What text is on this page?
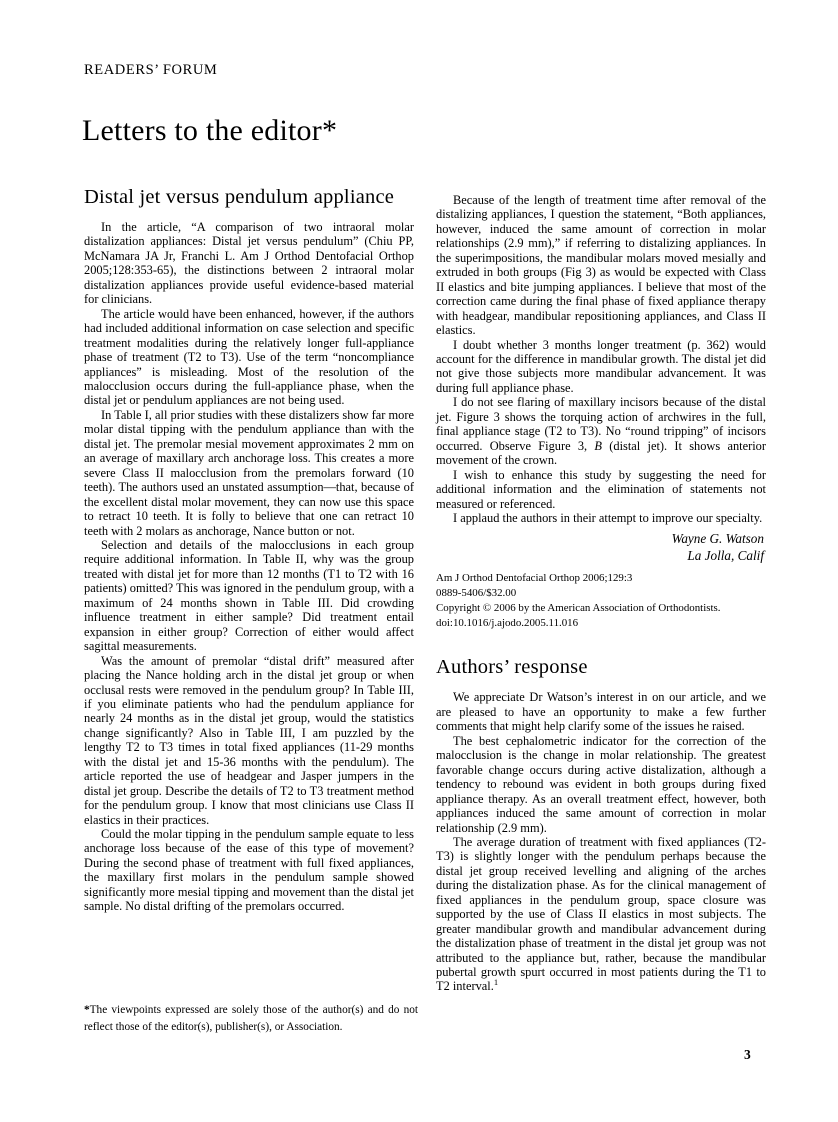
READERS’ FORUM
Letters to the editor*
Distal jet versus pendulum appliance

In the article, “A comparison of two intraoral molar distalization appliances: Distal jet versus pendulum” (Chiu PP, McNamara JA Jr, Franchi L. Am J Orthod Dentofacial Orthop 2005;128:353-65), the distinctions between 2 intraoral molar distalization appliances provide useful evidence-based material for clinicians.

The article would have been enhanced, however, if the authors had included additional information on case selection and specific treatment modalities during the relatively longer full-appliance phase of treatment (T2 to T3). Use of the term “noncompliance appliances” is misleading. Most of the resolution of the malocclusion occurs during the full-appliance phase, when the distal jet or pendulum appliances are not being used.

In Table I, all prior studies with these distalizers show far more molar distal tipping with the pendulum appliance than with the distal jet. The premolar mesial movement approximates 2 mm on an average of maxillary arch anchorage loss. This creates a more severe Class II malocclusion from the premolars forward (10 teeth). The authors used an unstated assumption—that, because of the excellent distal molar movement, they can now use this space to retract 10 teeth. It is folly to believe that one can retract 10 teeth with 2 molars as anchorage, Nance button or not.

Selection and details of the malocclusions in each group require additional information. In Table II, why was the group treated with distal jet for more than 12 months (T1 to T2 with 16 patients) omitted? This was ignored in the pendulum group, with a maximum of 24 months shown in Table III. Did crowding influence treatment in either sample? Did treatment entail expansion in either group? Correction of either would affect sagittal measurements.

Was the amount of premolar “distal drift” measured after placing the Nance holding arch in the distal jet group or when occlusal rests were removed in the pendulum group? In Table III, if you eliminate patients who had the pendulum appliance for nearly 24 months as in the distal jet group, would the statistics change significantly? Also in Table III, I am puzzled by the lengthy T2 to T3 times in total fixed appliances (11-29 months with the distal jet and 15-36 months with the pendulum). The article reported the use of headgear and Jasper jumpers in the distal jet group. Describe the details of T2 to T3 treatment method for the pendulum group. I know that most clinicians use Class II elastics in their practices.

Could the molar tipping in the pendulum sample equate to less anchorage loss because of the ease of this type of movement? During the second phase of treatment with full fixed appliances, the maxillary first molars in the pendulum sample showed significantly more mesial tipping and movement than the distal jet sample. No distal drifting of the premolars occurred.

Because of the length of treatment time after removal of the distalizing appliances, I question the statement, “Both appliances, however, induced the same amount of correction in molar relationships (2.9 mm),” if referring to distalizing appliances. In the superimpositions, the mandibular molars moved mesially and extruded in both groups (Fig 3) as would be expected with Class II elastics and bite jumping appliances. I believe that most of the correction came during the final phase of fixed appliance therapy with headgear, mandibular repositioning appliances, and Class II elastics.

I doubt whether 3 months longer treatment (p. 362) would account for the difference in mandibular growth. The distal jet did not give those subjects more mandibular advancement. It was during full appliance phase.

I do not see flaring of maxillary incisors because of the distal jet. Figure 3 shows the torquing action of archwires in the full, final appliance stage (T2 to T3). No “round tripping” of incisors occurred. Observe Figure 3, B (distal jet). It shows anterior movement of the crown.

I wish to enhance this study by suggesting the need for additional information and the elimination of statements not measured or referenced.

I applaud the authors in their attempt to improve our specialty.

Wayne G. Watson
La Jolla, Calif
Am J Orthod Dentofacial Orthop 2006;129:3
0889-5406/$32.00
Copyright © 2006 by the American Association of Orthodontists.
doi:10.1016/j.ajodo.2005.11.016
Authors’ response

We appreciate Dr Watson’s interest in on our article, and we are pleased to have an opportunity to make a few further comments that might help clarify some of the issues he raised.

The best cephalometric indicator for the correction of the malocclusion is the change in molar relationship. The greatest favorable change occurs during active distalization, although a tendency to rebound was evident in both groups during fixed appliance therapy. As an overall treatment effect, however, both appliances induced the same amount of correction in molar relationship (2.9 mm).

The average duration of treatment with fixed appliances (T2-T3) is slightly longer with the pendulum perhaps because the distal jet group received levelling and aligning of the arches during the distalization phase. As for the clinical management of fixed appliances in the pendulum group, space closure was supported by the use of Class II elastics in most subjects. The greater mandibular growth and mandibular advancement during the distalization phase of treatment in the distal jet group was not attributed to the appliance but, rather, because the mandibular pubertal growth spurt occurred in most patients during the T1 to T2 interval.$^1$

*The viewpoints expressed are solely those of the author(s) and do not reflect those of the editor(s), publisher(s), or Association.
3
